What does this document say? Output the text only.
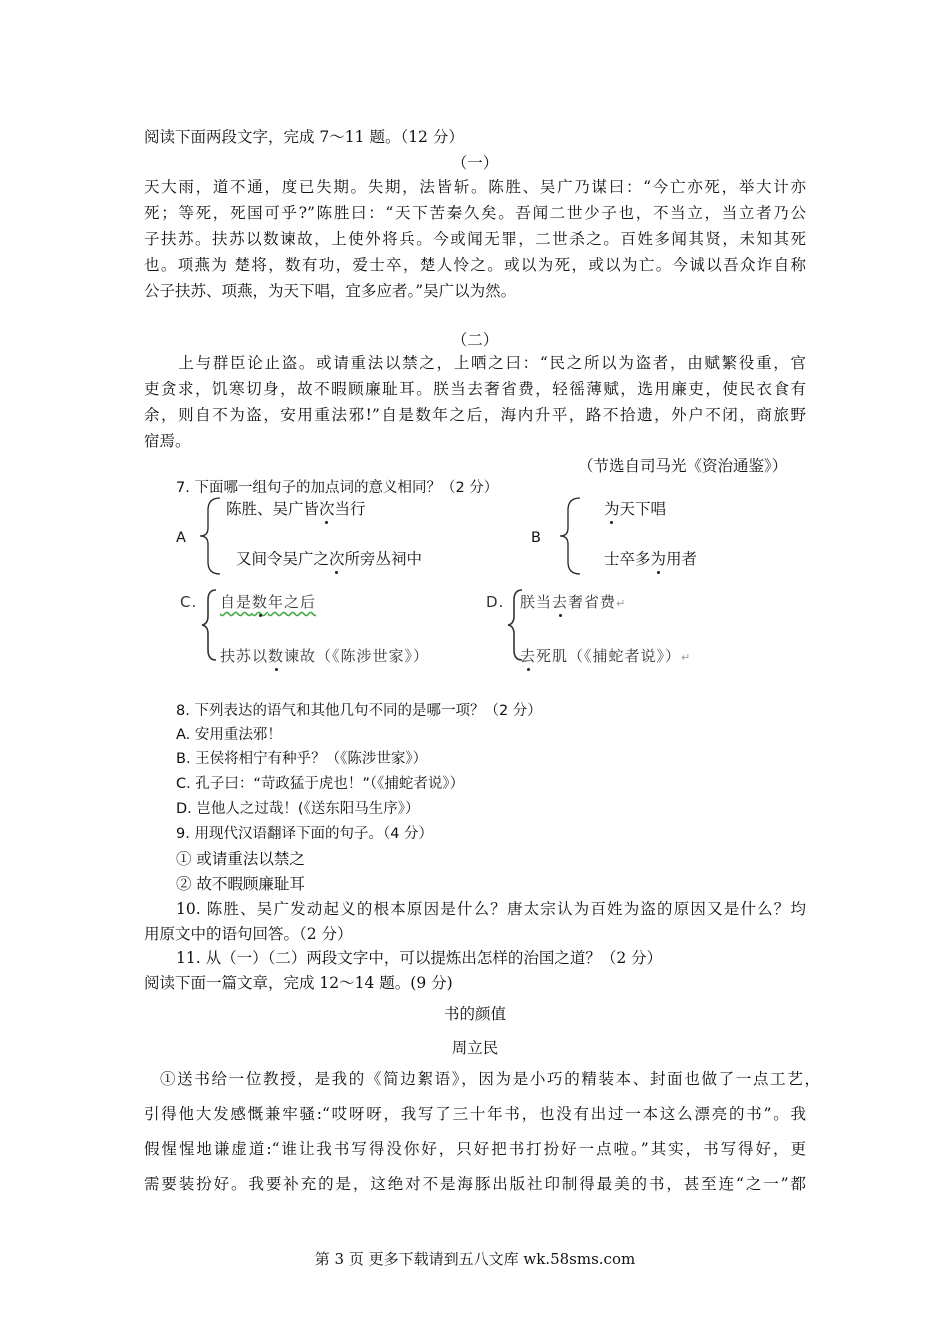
阅读下面两段文字，完成 7～11 题。（12 分）
（一）
天大雨，道不通，度已失期。失期，法皆斩。陈胜、吴广乃谋曰：“今亡亦死，举大计亦
死；等死，死国可乎?”陈胜曰：“天下苦秦久矣。吾闻二世少子也，不当立，当立者乃公
子扶苏。扶苏以数谏故，上使外将兵。今或闻无罪，二世杀之。百姓多闻其贤，未知其死
也。项燕为 楚将，数有功，爱士卒，楚人怜之。或以为死，或以为亡。今诚以吾众诈自称
公子扶苏、项燕，为天下唱，宜多应者。”吴广以为然。
（二）
　　上与群臣论止盗。或请重法以禁之，上哂之曰：“民之所以为盗者，由赋繁役重，官
吏贪求，饥寒切身，故不暇顾廉耻耳。朕当去奢省费，轻徭薄赋，选用廉吏，使民衣食有
余，则自不为盗，安用重法邪!”自是数年之后，海内升平，路不拾遗，外户不闭，商旅野
宿焉。
（节选自司马光《资治通鉴》）
7. 下面哪一组句子的加点词的意义相同？（2 分）
A
陈胜、吴广皆次当行
又间令吴广之次所旁丛祠中
B
为天下唱
士卒多为用者
C. 自是数年之后
扶苏以数谏故（《陈涉世家》）
D. 朕当去奢省费↵
去死肌（《捕蛇者说》）↵
8. 下列表达的语气和其他几句不同的是哪一项？（2 分）
A. 安用重法邪！
B. 王侯将相宁有种乎？（《陈涉世家》）
C. 孔子曰：“苛政猛于虎也！”（《捕蛇者说》）
D. 岂他人之过哉！(《送东阳马生序》）
9. 用现代汉语翻译下面的句子。（4 分）
① 或请重法以禁之
② 故不暇顾廉耻耳
10. 陈胜、吴广发动起义的根本原因是什么？唐太宗认为百姓为盗的原因又是什么？均
用原文中的语句回答。（2 分）
11. 从（一）（二）两段文字中，可以提炼出怎样的治国之道？（2 分）
阅读下面一篇文章，完成 12～14 题。(9 分)
书的颜值
周立民
①送书给一位教授，是我的《简边絮语》，因为是小巧的精装本、封面也做了一点工艺，
引得他大发感慨兼牢骚:“哎呀呀，我写了三十年书，也没有出过一本这么漂亮的书”。我
假惺惺地谦虚道:“谁让我书写得没你好，只好把书打扮好一点啦。”其实，书写得好，更
需要装扮好。我要补充的是，这绝对不是海豚出版社印制得最美的书，甚至连“之一”都
第 3 页 更多下载请到五八文库 wk.58sms.com
